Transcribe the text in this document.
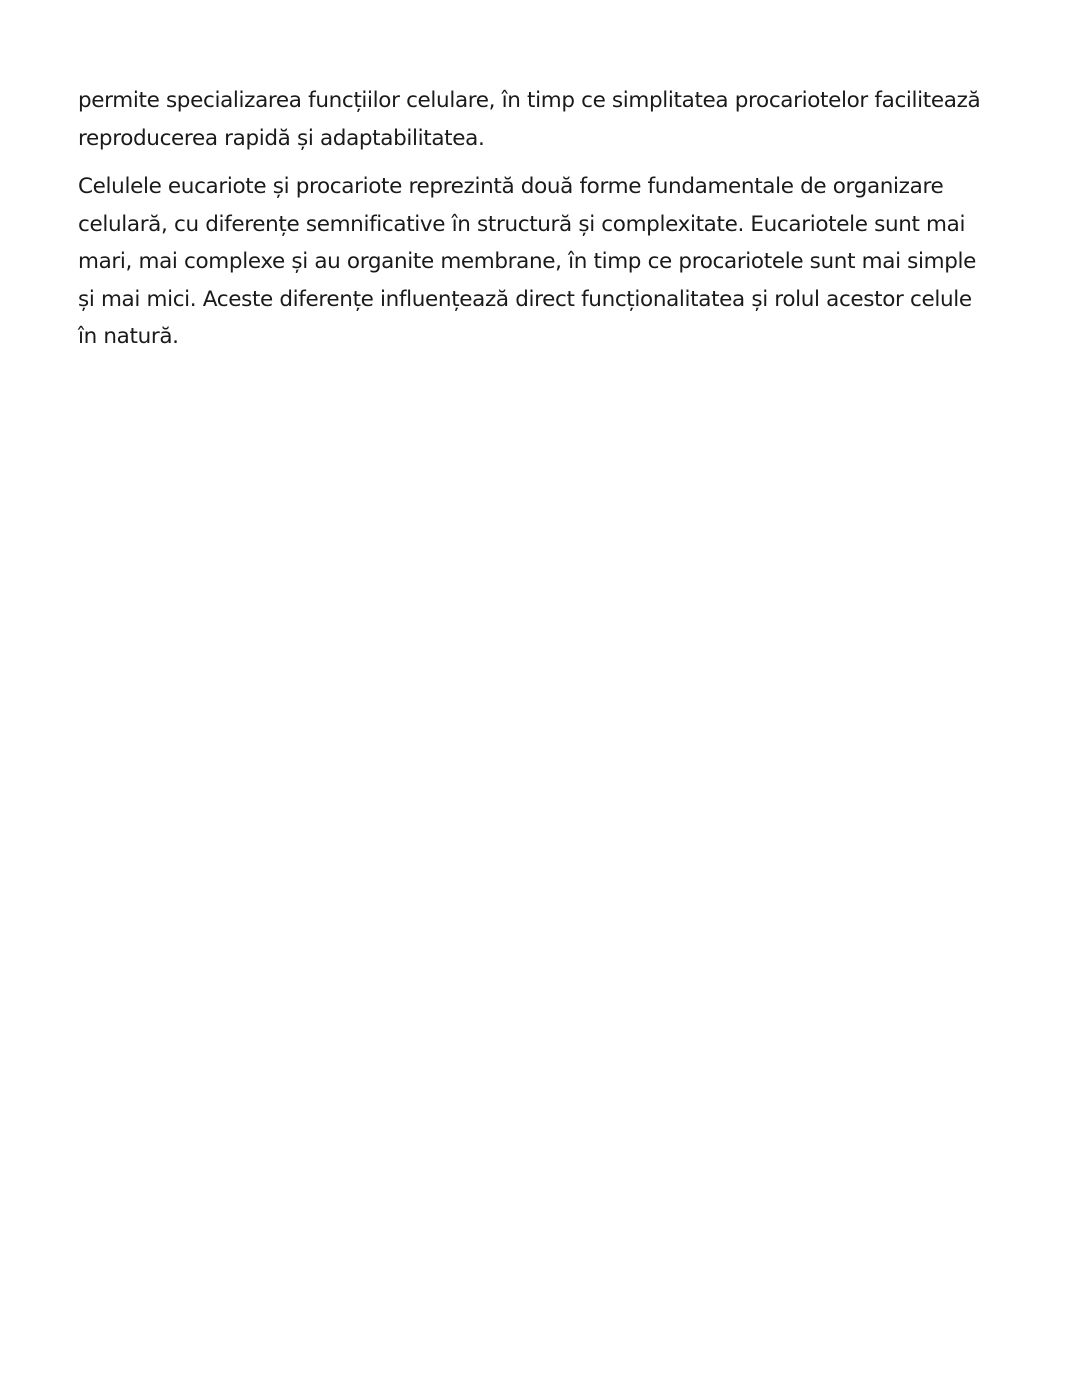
permite specializarea funcțiilor celulare, în timp ce simplitatea procariotelor facilitează reproducerea rapidă și adaptabilitatea.

Celulele eucariote și procariote reprezintă două forme fundamentale de organizare celulară, cu diferențe semnificative în structură și complexitate. Eucariotele sunt mai mari, mai complexe și au organite membrane, în timp ce procariotele sunt mai simple și mai mici. Aceste diferențe influențează direct funcționalitatea și rolul acestor celule în natură.
